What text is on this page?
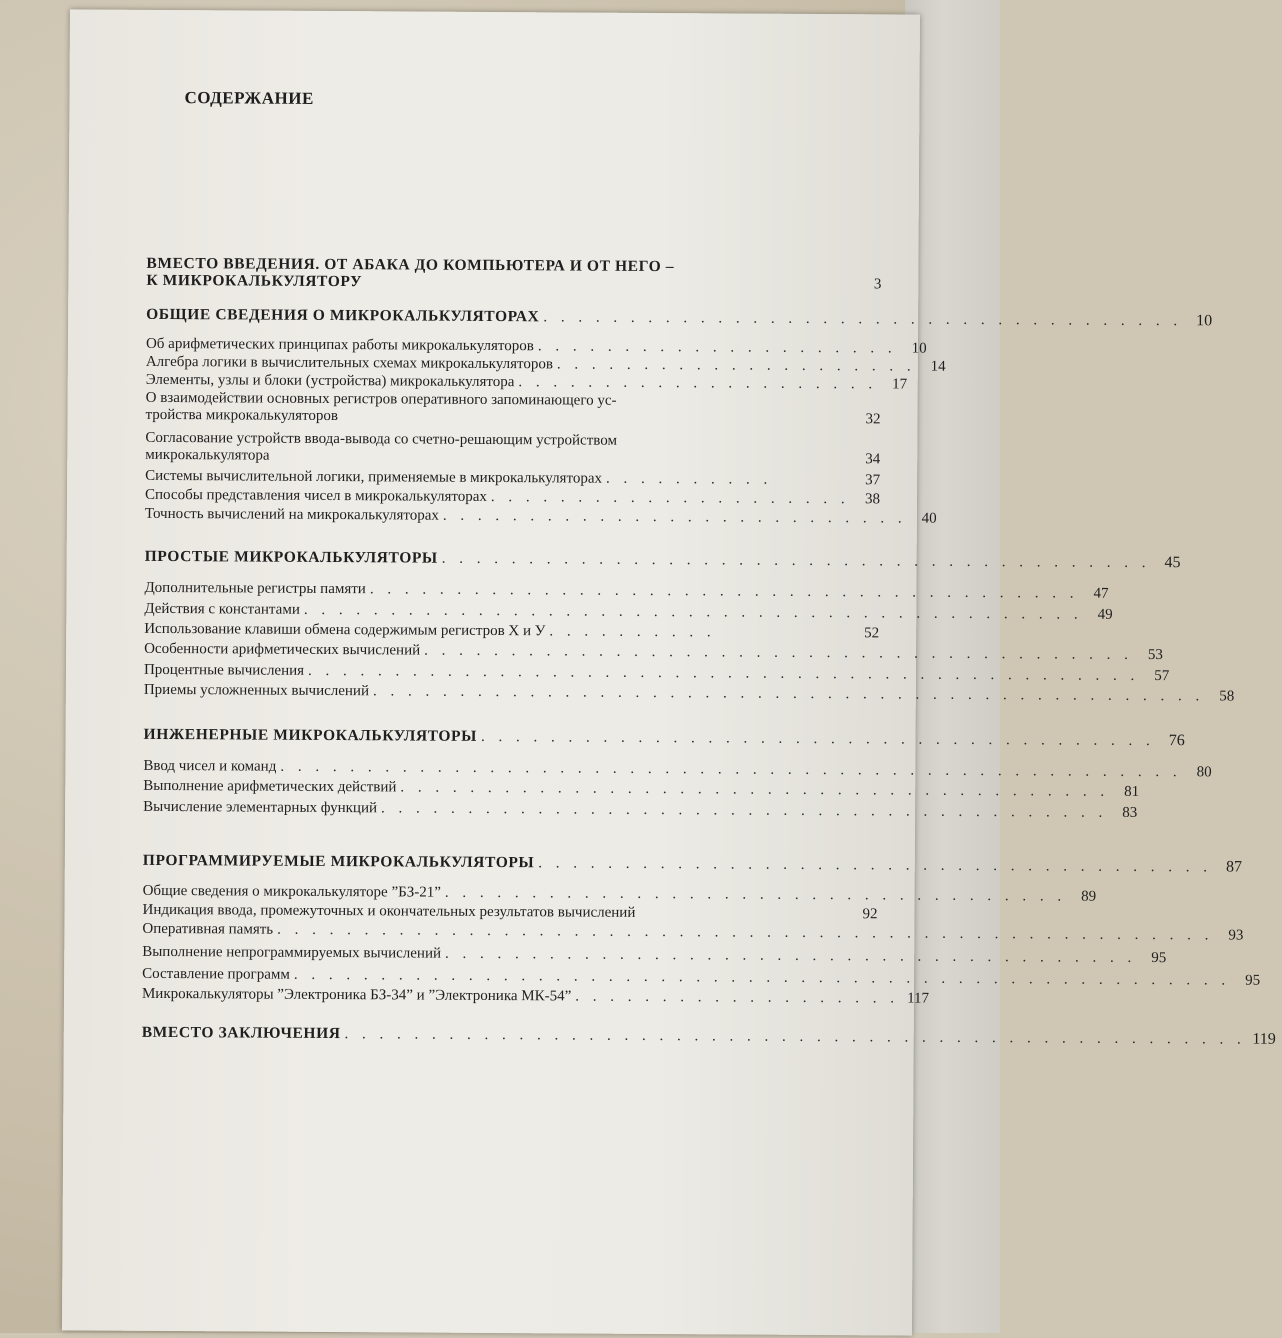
СОДЕРЖАНИЕ
ВМЕСТО ВВЕДЕНИЯ. ОТ АБАКА ДО КОМПЬЮТЕРА И ОТ НЕГО –
К МИКРОКАЛЬКУЛЯТОРУ	3
ОБЩИЕ СВЕДЕНИЯ О МИКРОКАЛЬКУЛЯТОРАХ . . . . . . . . . . . . . . . . . . . . . . . . . . . . . . . . . . . . . 10
Об арифметических принципах работы микрокалькуляторов . . . . . . . . . . . . . . . . . . . . . 10
Алгебра логики в вычислительных схемах микрокалькуляторов . . . . . . . . . . . . . . . . . . . . . 14
Элементы, узлы и блоки (устройства) микрокалькулятора . . . . . . . . . . . . . . . . . . . . . 17
О взаимодействии основных регистров оперативного запоминающего ус-
тройства микрокалькуляторов	32
Согласование устройств ввода-вывода со счетно-решающим устройством
микрокалькулятора	34
Системы вычислительной логики, применяемые в микрокалькуляторах . . . . . . . . . .	37
Способы представления чисел в микрокалькуляторах . . . . . . . . . . . . . . . . . . . . .	38
Точность вычислений на микрокалькуляторах . . . . . . . . . . . . . . . . . . . . . . . . . . . 40
ПРОСТЫЕ МИКРОКАЛЬКУЛЯТОРЫ . . . . . . . . . . . . . . . . . . . . . . . . . . . . . . . . . . . . . . . . . 45
Дополнительные регистры памяти . . . . . . . . . . . . . . . . . . . . . . . . . . . . . . . . . . . . . . . . . 47
Действия с константами . . . . . . . . . . . . . . . . . . . . . . . . . . . . . . . . . . . . . . . . . . . . . 49
Использование клавиши обмена содержимым регистров X и У . . . . . . . . . .	52
Особенности арифметических вычислений . . . . . . . . . . . . . . . . . . . . . . . . . . . . . . . . . . . . . . . . . 53
Процентные вычисления . . . . . . . . . . . . . . . . . . . . . . . . . . . . . . . . . . . . . . . . . . . . . . . . 57
Приемы усложненных вычислений . . . . . . . . . . . . . . . . . . . . . . . . . . . . . . . . . . . . . . . . . . . . . . . . 58
ИНЖЕНЕРНЫЕ МИКРОКАЛЬКУЛЯТОРЫ . . . . . . . . . . . . . . . . . . . . . . . . . . . . . . . . . . . . . . . 76
Ввод чисел и команд . . . . . . . . . . . . . . . . . . . . . . . . . . . . . . . . . . . . . . . . . . . . . . . . . . . . 80
Выполнение арифметических действий . . . . . . . . . . . . . . . . . . . . . . . . . . . . . . . . . . . . . . . . . 81
Вычисление элементарных функций . . . . . . . . . . . . . . . . . . . . . . . . . . . . . . . . . . . . . . . . . . 83
ПРОГРАММИРУЕМЫЕ МИКРОКАЛЬКУЛЯТОРЫ . . . . . . . . . . . . . . . . . . . . . . . . . . . . . . . . . . . . . . . 87
Общие сведения о микрокалькуляторе ”БЗ-21” . . . . . . . . . . . . . . . . . . . . . . . . . . . . . . . . . . . . 89
Индикация ввода, промежуточных и окончательных результатов вычислений	92
Оперативная память . . . . . . . . . . . . . . . . . . . . . . . . . . . . . . . . . . . . . . . . . . . . . . . . . . . . . . 93
Выполнение непрограммируемых вычислений . . . . . . . . . . . . . . . . . . . . . . . . . . . . . . . . . . . . . . . . 95
Составление программ . . . . . . . . . . . . . . . . . . . . . . . . . . . . . . . . . . . . . . . . . . . . . . . . . . . . . . 95
Микрокалькуляторы ”Электроника БЗ-34” и ”Электроника МК-54” . . . . . . . . . . . . . . . . . . . 117
ВМЕСТО ЗАКЛЮЧЕНИЯ . . . . . . . . . . . . . . . . . . . . . . . . . . . . . . . . . . . . . . . . . . . . . . . . . . . . 119
